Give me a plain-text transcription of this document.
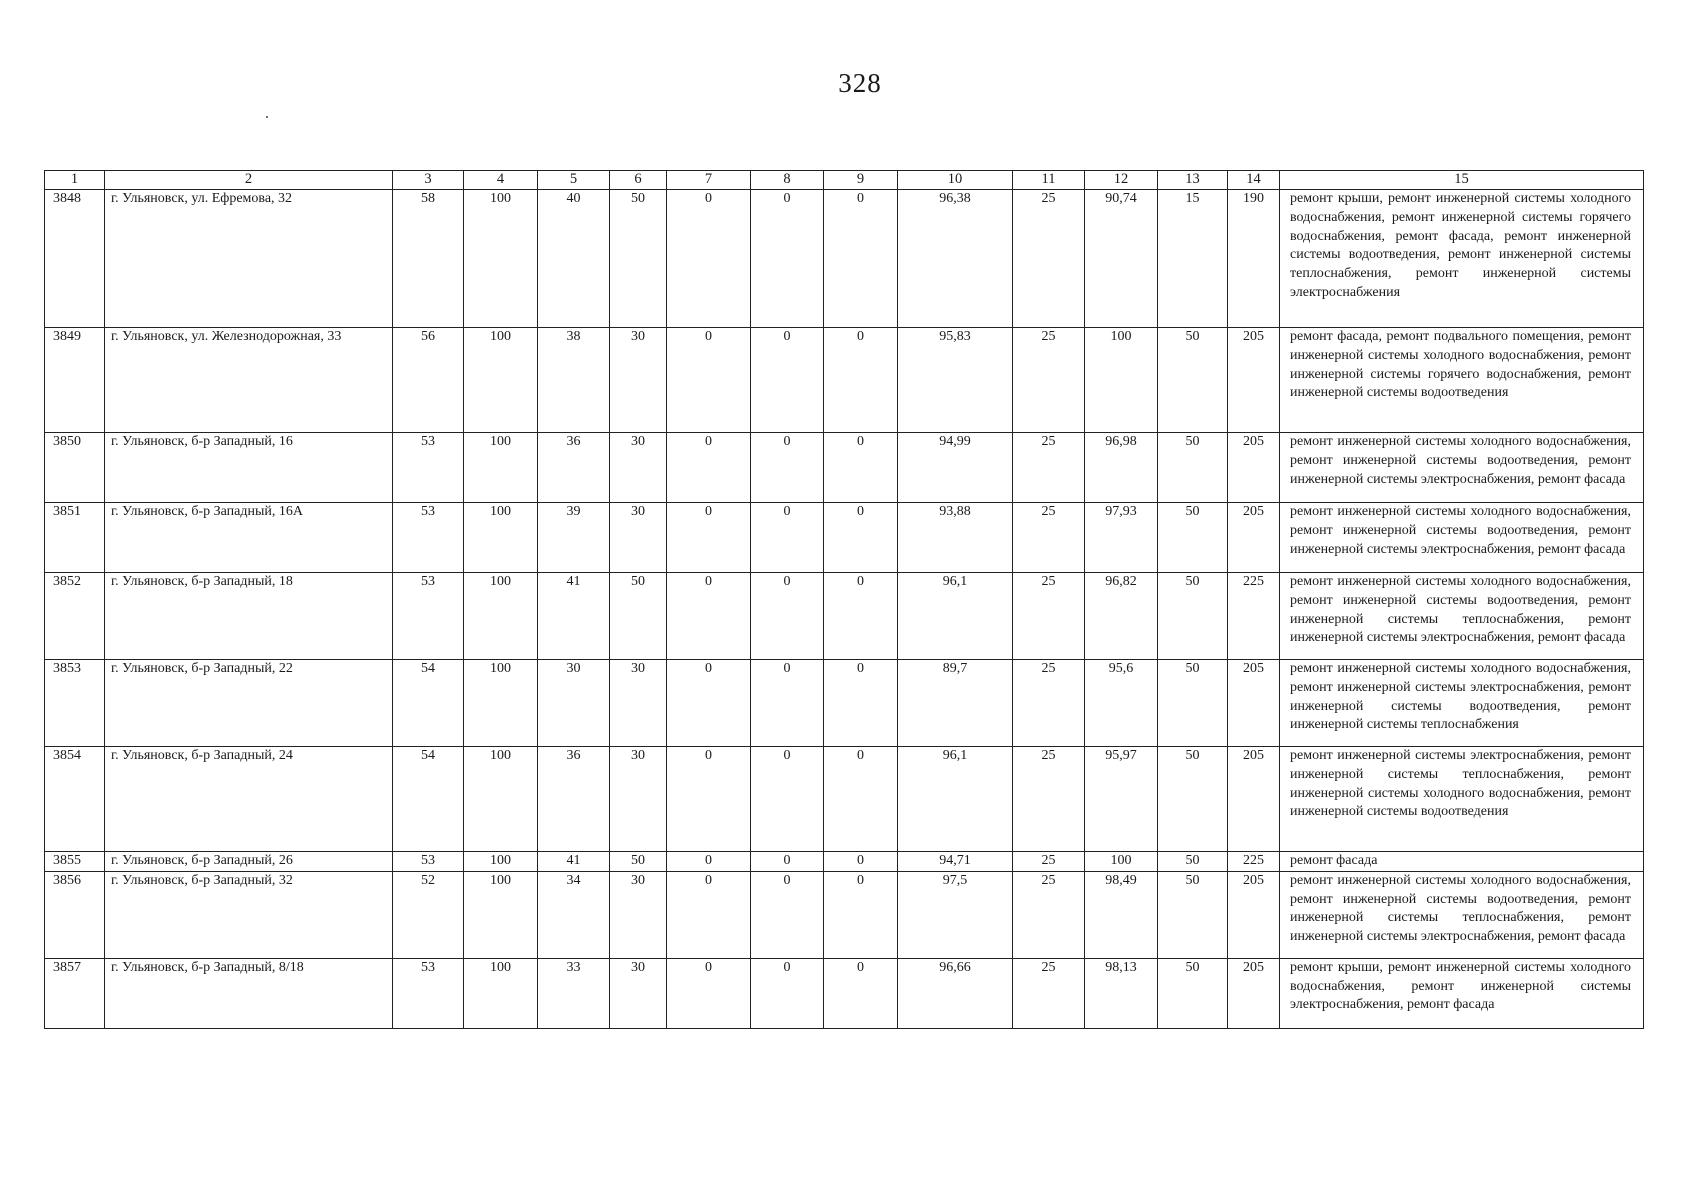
328
1	2	3	4	5	6	7	8	9	10	11	12	13	14	15
3848	г. Ульяновск, ул. Ефремова, 32	58	100	40	50	0	0	0	96,38	25	90,74	15	190	ремонт крыши, ремонт инженерной системы холодного водоснабжения, ремонт инженерной системы горячего водоснабжения, ремонт фасада, ремонт инженерной системы водоотведения, ремонт инженерной системы теплоснабжения, ремонт инженерной системы электроснабжения
3849	г. Ульяновск, ул. Железнодорожная, 33	56	100	38	30	0	0	0	95,83	25	100	50	205	ремонт фасада, ремонт подвального помещения, ремонт инженерной системы холодного водоснабжения, ремонт инженерной системы горячего водоснабжения, ремонт инженерной системы водоотведения
3850	г. Ульяновск, б-р Западный, 16	53	100	36	30	0	0	0	94,99	25	96,98	50	205	ремонт инженерной системы холодного водоснабжения, ремонт инженерной системы водоотведения, ремонт инженерной системы электроснабжения, ремонт фасада
3851	г. Ульяновск, б-р Западный, 16А	53	100	39	30	0	0	0	93,88	25	97,93	50	205	ремонт инженерной системы холодного водоснабжения, ремонт инженерной системы водоотведения, ремонт инженерной системы электроснабжения, ремонт фасада
3852	г. Ульяновск, б-р Западный, 18	53	100	41	50	0	0	0	96,1	25	96,82	50	225	ремонт инженерной системы холодного водоснабжения, ремонт инженерной системы водоотведения, ремонт инженерной системы теплоснабжения, ремонт инженерной системы электроснабжения, ремонт фасада
3853	г. Ульяновск, б-р Западный, 22	54	100	30	30	0	0	0	89,7	25	95,6	50	205	ремонт инженерной системы холодного водоснабжения, ремонт инженерной системы электроснабжения, ремонт инженерной системы водоотведения, ремонт инженерной системы теплоснабжения
3854	г. Ульяновск, б-р Западный, 24	54	100	36	30	0	0	0	96,1	25	95,97	50	205	ремонт инженерной системы электроснабжения, ремонт инженерной системы теплоснабжения, ремонт инженерной системы холодного водоснабжения, ремонт инженерной системы водоотведения
3855	г. Ульяновск, б-р Западный, 26	53	100	41	50	0	0	0	94,71	25	100	50	225	ремонт фасада
3856	г. Ульяновск, б-р Западный, 32	52	100	34	30	0	0	0	97,5	25	98,49	50	205	ремонт инженерной системы холодного водоснабжения, ремонт инженерной системы водоотведения, ремонт инженерной системы теплоснабжения, ремонт инженерной системы электроснабжения, ремонт фасада
3857	г. Ульяновск, б-р Западный, 8/18	53	100	33	30	0	0	0	96,66	25	98,13	50	205	ремонт крыши, ремонт инженерной системы холодного водоснабжения, ремонт инженерной системы электроснабжения, ремонт фасада
